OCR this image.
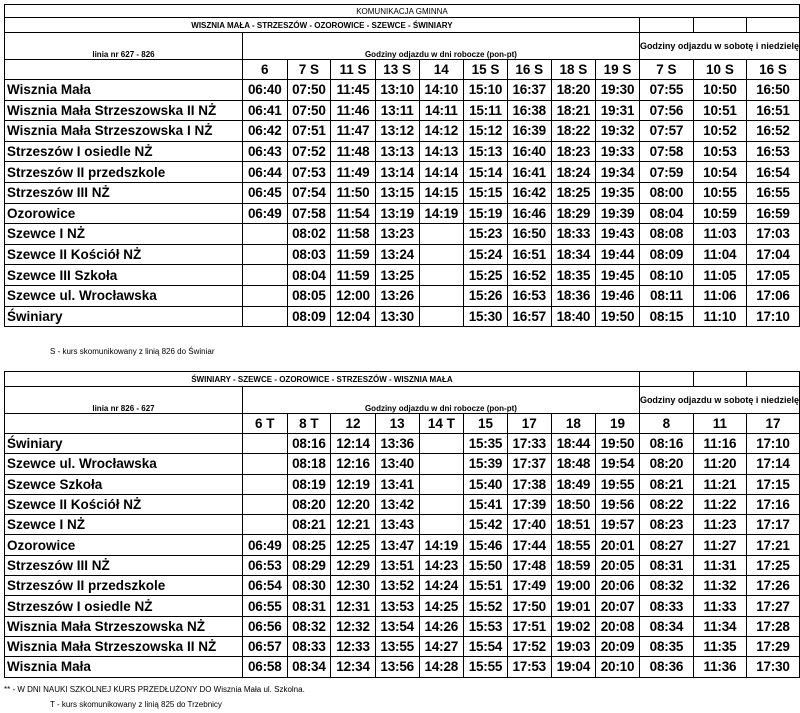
KOMUNIKACJA GMINNA												
WISZNIA MAŁA - STRZESZÓW - OZOROWICE - SZEWCE - ŚWINIARY												
linia nr 627 - 826	Godziny odjazdu w dni robocze (pon-pt)									Godziny odjazdu w sobotę i niedzielę		
	6	7 S	11 S	13 S	14	15 S	16 S	18 S	19 S	7 S	10 S	16 S
Wisznia Mała	06:40	07:50	11:45	13:10	14:10	15:10	16:37	18:20	19:30	07:55	10:50	16:50
Wisznia Mała Strzeszowska II NŻ	06:41	07:50	11:46	13:11	14:11	15:11	16:38	18:21	19:31	07:56	10:51	16:51
Wisznia Mała Strzeszowska I NŻ	06:42	07:51	11:47	13:12	14:12	15:12	16:39	18:22	19:32	07:57	10:52	16:52
Strzeszów I osiedle NŻ	06:43	07:52	11:48	13:13	14:13	15:13	16:40	18:23	19:33	07:58	10:53	16:53
Strzeszów II przedszkole	06:44	07:53	11:49	13:14	14:14	15:14	16:41	18:24	19:34	07:59	10:54	16:54
Strzeszów III NŻ	06:45	07:54	11:50	13:15	14:15	15:15	16:42	18:25	19:35	08:00	10:55	16:55
Ozorowice	06:49	07:58	11:54	13:19	14:19	15:19	16:46	18:29	19:39	08:04	10:59	16:59
Szewce I NŻ		08:02	11:58	13:23		15:23	16:50	18:33	19:43	08:08	11:03	17:03
Szewce II Kościół NŻ		08:03	11:59	13:24		15:24	16:51	18:34	19:44	08:09	11:04	17:04
Szewce III Szkoła		08:04	11:59	13:25		15:25	16:52	18:35	19:45	08:10	11:05	17:05
Szewce ul. Wrocławska		08:05	12:00	13:26		15:26	16:53	18:36	19:46	08:11	11:06	17:06
Świniary		08:09	12:04	13:30		15:30	16:57	18:40	19:50	08:15	11:10	17:10
S - kurs skomunikowany z linią 826 do Świniar
ŚWINIARY - SZEWCE - OZOROWICE - STRZESZÓW - WISZNIA MAŁA												
linia nr 826 - 627	Godziny odjazdu w dni robocze (pon-pt)									Godziny odjazdu w sobotę i niedzielę		
	6 T	8 T	12	13	14 T	15	17	18	19	8	11	17
Świniary		08:16	12:14	13:36		15:35	17:33	18:44	19:50	08:16	11:16	17:10
Szewce ul. Wrocławska		08:18	12:16	13:40		15:39	17:37	18:48	19:54	08:20	11:20	17:14
Szewce Szkoła		08:19	12:19	13:41		15:40	17:38	18:49	19:55	08:21	11:21	17:15
Szewce II Kościół NŻ		08:20	12:20	13:42		15:41	17:39	18:50	19:56	08:22	11:22	17:16
Szewce I NŻ		08:21	12:21	13:43		15:42	17:40	18:51	19:57	08:23	11:23	17:17
Ozorowice	06:49	08:25	12:25	13:47	14:19	15:46	17:44	18:55	20:01	08:27	11:27	17:21
Strzeszów III NŻ	06:53	08:29	12:29	13:51	14:23	15:50	17:48	18:59	20:05	08:31	11:31	17:25
Strzeszów II przedszkole	06:54	08:30	12:30	13:52	14:24	15:51	17:49	19:00	20:06	08:32	11:32	17:26
Strzeszów I osiedle NŻ	06:55	08:31	12:31	13:53	14:25	15:52	17:50	19:01	20:07	08:33	11:33	17:27
Wisznia Mała Strzeszowska NŻ	06:56	08:32	12:32	13:54	14:26	15:53	17:51	19:02	20:08	08:34	11:34	17:28
Wisznia Mała Strzeszowska II NŻ	06:57	08:33	12:33	13:55	14:27	15:54	17:52	19:03	20:09	08:35	11:35	17:29
Wisznia Mała	06:58	08:34	12:34	13:56	14:28	15:55	17:53	19:04	20:10	08:36	11:36	17:30
** - W DNI NAUKI SZKOLNEJ KURS PRZEDŁUŻONY DO Wisznia Mała ul. Szkolna.
T - kurs skomunikowany z linią 825 do Trzebnicy
